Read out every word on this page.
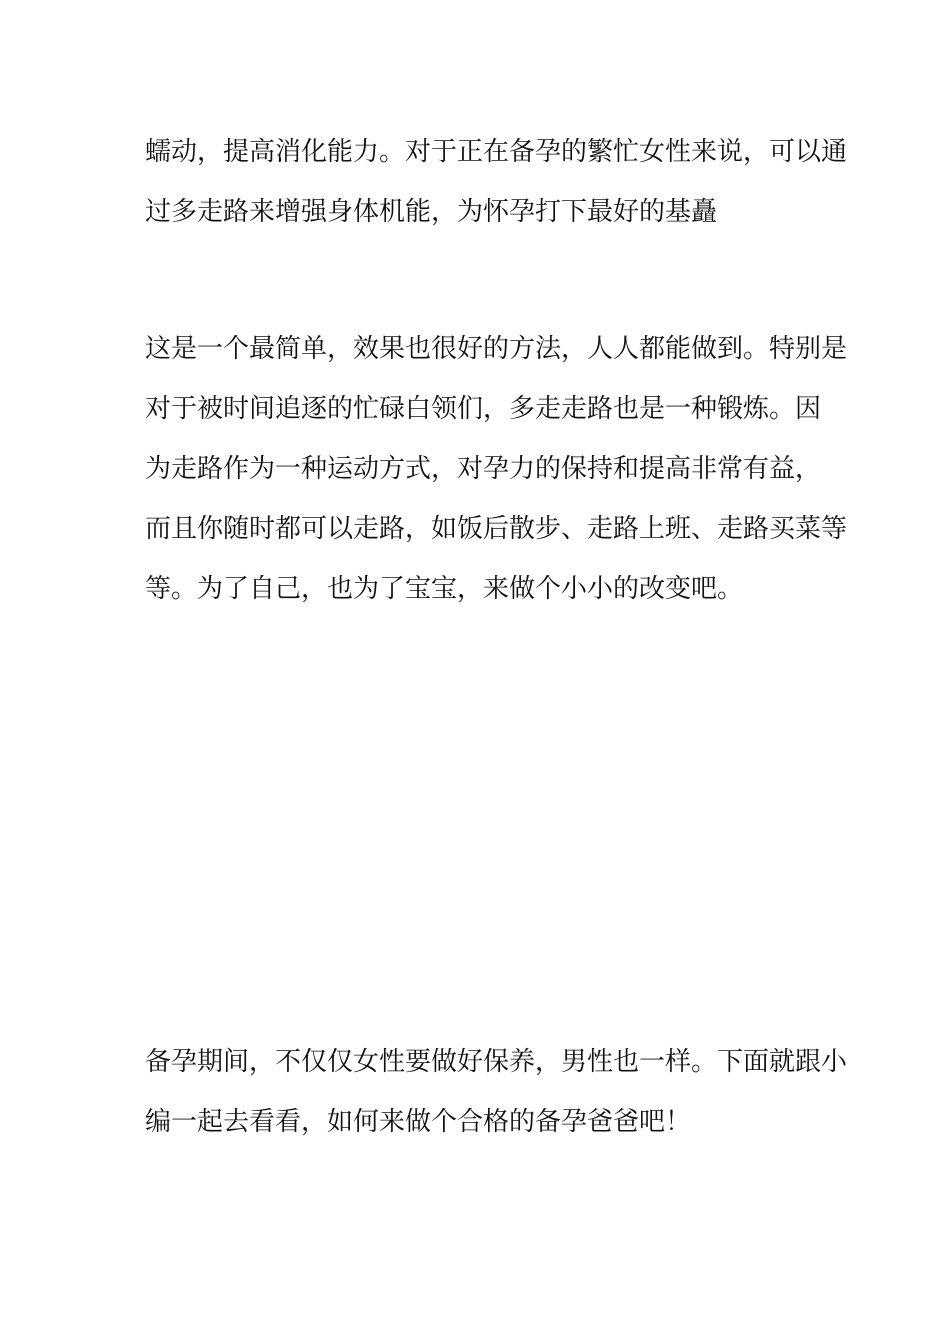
蠕动，提高消化能力。对于正在备孕的繁忙女性来说，可以通
过多走路来增强身体机能，为怀孕打下最好的基矗
这是一个最简单，效果也很好的方法，人人都能做到。特别是
对于被时间追逐的忙碌白领们，多走走路也是一种锻炼。因
为走路作为一种运动方式，对孕力的保持和提高非常有益，
而且你随时都可以走路，如饭后散步、走路上班、走路买菜等
等。为了自己，也为了宝宝，来做个小小的改变吧。
备孕期间，不仅仅女性要做好保养，男性也一样。下面就跟小
编一起去看看，如何来做个合格的备孕爸爸吧！
